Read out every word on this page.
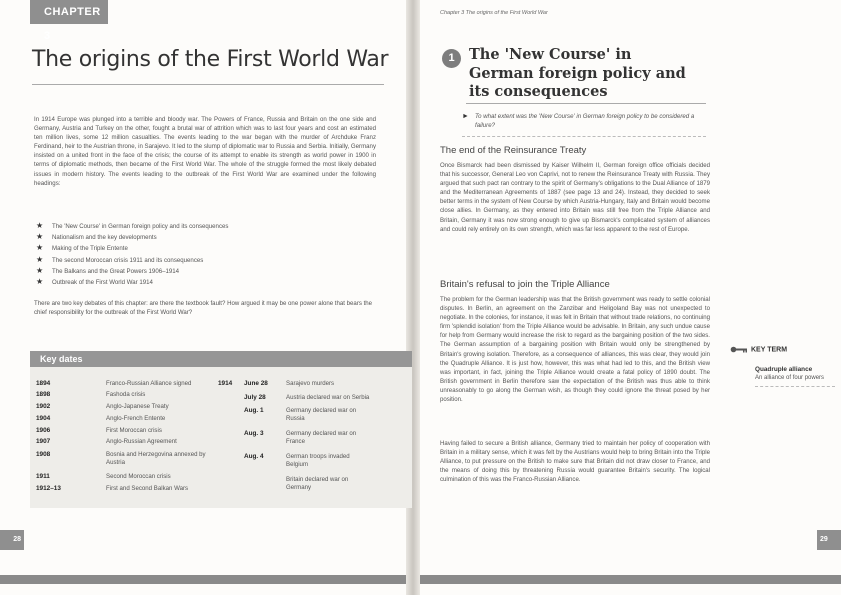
CHAPTER 3
The origins of the First World War

In 1914 Europe was plunged into a terrible and bloody war. The Powers of France, Russia and Britain on the one side and Germany, Austria and Turkey on the other, fought a brutal war of attrition which was to last four years and cost an estimated ten million lives, some 12 million casualties. The events leading to the war began with the murder of Archduke Franz Ferdinand, heir to the Austrian throne, in Sarajevo. It led to the slump of diplomatic war to Russia and Serbia. Initially, Germany insisted on a united front in the face of the crisis; the course of its attempt to enable its strength as world power in 1900 in terms of diplomatic methods, then became of the First World War. The whole of the struggle formed the most likely debated issues in modern history. The events leading to the outbreak of the First World War are examined under the following headings:

★ The 'New Course' in German foreign policy and its consequences
★ Nationalism and the key developments
★ Making of the Triple Entente
★ The second Moroccan crisis 1911 and its consequences
★ The Balkans and the Great Powers 1906–1914
★ Outbreak of the First World War 1914

There are two key debates of this chapter: are there the textbook fault? How argued it may be one power alone that bears the chief responsibility for the outbreak of the First World War?

Key dates
1894	Franco-Russian Alliance signed
1898	Fashoda crisis
1902	Anglo-Japanese Treaty
1904	Anglo-French Entente
1906	First Moroccan crisis
1907	Anglo-Russian Agreement
1908	Bosnia and Herzegovina annexed by Austria
1911	Second Moroccan crisis
1912–13	First and Second Balkan Wars
1914 June 28	Sarajevo murders
July 28	Austria declared war on Serbia
Aug. 1	Germany declared war on Russia
Aug. 3	Germany declared war on France
Aug. 4	German troops invaded Belgium
Britain declared war on Germany
28
Chapter 3 The origins of the First World War
1 The 'New Course' in German foreign policy and its consequences

► To what extent was the 'New Course' in German foreign policy to be considered a failure?

The end of the Reinsurance Treaty

Once Bismarck had been dismissed by Kaiser Wilhelm II, German foreign office officials decided that his successor, General Leo von Caprivi, not to renew the Reinsurance Treaty with Russia. They argued that such pact ran contrary to the spirit of Germany's obligations to the Dual Alliance of 1879 and the Mediterranean Agreements of 1887 (see page 13 and 24). Instead, they decided to seek better terms in the system of New Course by which Austria-Hungary, Italy and Britain would become close allies. In Germany, as they entered into Britain was still free from the Triple Alliance and Britain, Germany it was now strong enough to give up Bismarck's complicated system of alliances and could rely entirely on its own strength, which was far less apparent to the rest of Europe.

Britain's refusal to join the Triple Alliance

The problem for the German leadership was that the British government was ready to settle colonial disputes. In Berlin, an agreement on the Zanzibar and Heligoland Bay was not unexpected to negotiate. In the colonies, for instance, it was felt in Britain that without trade relations, no continuing firm 'splendid isolation' from the Triple Alliance would be advisable. In Britain, any such undue cause for help from Germany would increase the risk to regard as the bargaining position of the two sides. The German assumption of a bargaining position with Britain would only be strengthened by Britain's growing isolation. Therefore, as a consequence of alliances, this was clear, they would join the Quadruple Alliance. It is just how, however, this was what had led to this, and the British view was important, in fact, joining the Triple Alliance would create a fatal policy of 1890 doubt. The British government in Berlin therefore saw the expectation of the British was thus able to think unreasonably to go along the German wish, as though they could ignore the threat posed by her position.

Having failed to secure a British alliance, Germany tried to maintain her policy of cooperation with Britain in a military sense, which it was felt by the Austrians would help to bring Britain into the Triple Alliance, to put pressure on the British to make sure that Britain did not draw closer to France, and the means of doing this by threatening Russia would guarantee Britain's security. The logical culmination of this was the Franco-Russian Alliance.

KEY TERM
Quadruple alliance
An alliance of four powers
29
